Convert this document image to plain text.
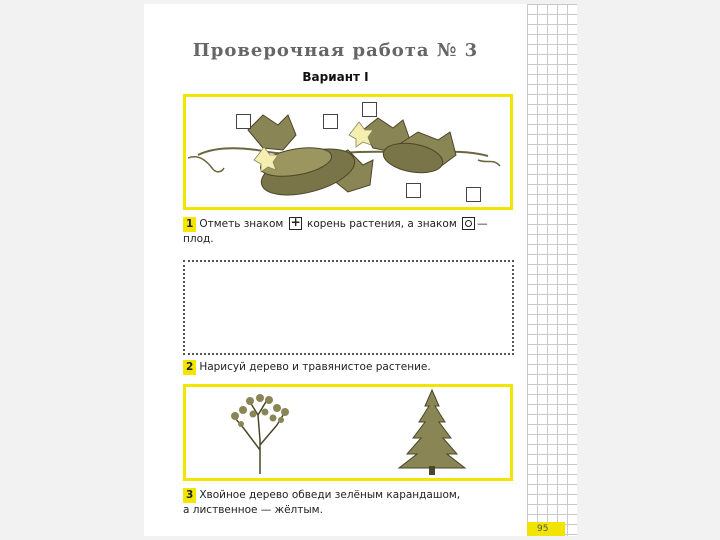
95
Проверочная работа № 3
Вариант I
1 Отметь знаком + корень растения, а знаком —
плод.
2 Нарисуй дерево и травянистое растение.
3 Хвойное дерево обведи зелёным карандашом,
а лиственное — жёлтым.
